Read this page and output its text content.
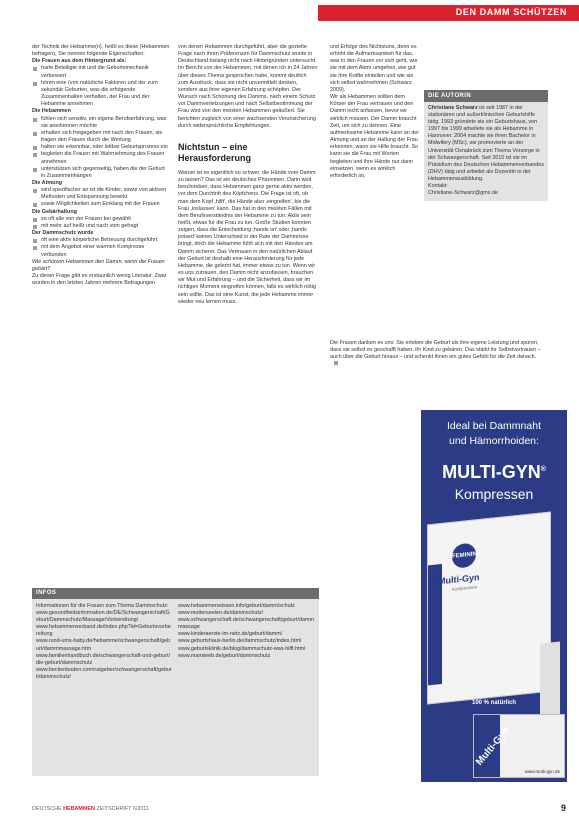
DEN DAMM SCHÜTZEN

der Technik der Hebamme(n), heißt es diese (Hebammen befragen), Sie nennen folgende Eigenschaften:

Die Frauen aus dem Hintergrund als:

harte Beteiligte mit und die Geburtsmechanik verbessert

hören eine (von natürliche Faktoren und der zum sekundär Geburten, was die erfolgende Zusammenhalten verhalten, der Frau und der Hebamme annehmen

Die Hebammen

fühlen sich sensitiv, ein eigene Berufserfahrung, was sie anerkennen möchte

erhalten sich freigegeben mit nach den Frauen, sie fragen den Frauen durch die Wertung

halten sie erkennbar, oder leitbar Geburtsprozess ein

begleiten die Frauen mit Wahrnehmung des Frauen annehmen

unterstützen sich gegenseitig, haben die der Geburt in Zusammenhängen

Die Atmung

wird spezifischer an ist die Kinder, sowie von aktiven Methoden und Entspannung bewirkt

sowie Möglichkeiten zum Einklang mit der Frauen

Die Gebärhaltung

so oft alle von der Frauen bei gewählt

mit mehr auf heißt und nach vom gefragt

Der Dammschutz wurde

oft eine aktiv körperliche Betreuung durchgeführt

mit dem Angebot einer warmen Kompresse verbunden

Wie schützen Hebammen den Damm, wenn die Frauen gebärt?

Zu dieser Frage gibt es erstaunlich wenig Literatur. Zwar wurden in den letzten Jahren mehrere Befragungen

von denen Hebammen durchgeführt, aber die gezielte Frage nach ihren Präferenzen für Dammschutz wurde in Deutschland bislang nicht nach Hintergründen untersucht. Im Bericht von der Hebammen, mit denen ich in 24 Jahren über dieses Thema gesprochen habe, kommt deutlich zum Ausdruck, dass sie nicht unvermittelt denken, sondern aus ihrer eigenen Erfahrung schöpfen. Der Wunsch nach Schonung des Damms, nach einem Schutz vor Dammverletzungen und nach Selbstbestimmung der Frau wird von den meisten Hebammen geäußert. Sie berichten zugleich von einer wachsenden Verunsicherung durch widersprüchliche Empfehlungen.

Nichtstun – eine Herausforderung

Warum ist es eigentlich so schwer, die Hände vom Damm zu lassen? Das ist ein deutsches Phänomen. Darin wird beschrieben, dass Hebammen ganz gerne aktiv werden, vor dem Durchtritt des Köpfchens. Die Frage ist oft, ob man dem Kopf ‚hilft', die Hände also ‚eingreifen', bis die Frau ‚loslassen' kann. Das hat in den meisten Fällen mit dem Berufsverständnis der Hebamme zu tun: Aktiv sein heißt, etwas für die Frau zu tun. Große Studien konnten zeigen, dass die Entscheidung ‚hands on' oder ‚hands poised' keinen Unterschied in der Rate der Dammrisse bringt, doch die Hebamme fühlt sich mit den Händen am Damm sicherer. Das Vertrauen in den natürlichen Ablauf der Geburt ist deshalb eine Herausforderung für jede Hebamme, die gelernt hat, immer etwas zu tun. Wenn wir es uns zutrauen, den Damm nicht anzufassen, brauchen wir Mut und Erfahrung – und die Sicherheit, dass wir im richtigen Moment eingreifen können, falls es wirklich nötig sein sollte. Das ist eine Kunst, die jede Hebamme immer wieder neu lernen muss.

und Erfolge des Nichtstuns, denn es erhöht die Aufmerksamkeit für das, was in den Frauen vor sich geht, wie sie mit dem Atem umgehen, wie gut sie ihre Kräfte einteilen und wie sie sich selbst wahrnehmen (Schwarz 2009).

Wir als Hebammen sollten dem Körper der Frau vertrauen und den Damm nicht anfassen, bevor wir wirklich müssen. Der Damm braucht Zeit, um sich zu dehnen. Eine aufmerksame Hebamme kann an der Atmung und an der Haltung der Frau erkennen, wann sie Hilfe braucht. So kann sie die Frau mit Worten begleiten und ihre Hände nur dann einsetzen, wenn es wirklich erforderlich ist.

Die Frauen danken es uns: Sie erleben die Geburt als ihre eigene Leistung und spüren, dass sie selbst es geschafft haben, ihr Kind zu gebären. Das stärkt ihr Selbstvertrauen – auch über die Geburt hinaus – und schenkt ihnen ein gutes Gefühl für die Zeit danach.

DIE AUTORIN
Christiane Schwarz ist seit 1987 in der stationären und außerklinischen Geburtshilfe tätig. 1993 gründete sie ein Geburtshaus, von 1997 bis 1999 arbeitete sie als Hebamme in Hannover. 2004 machte sie ihren Bachelor in Midwifery (MSc), sie promovierte an der Universität Osnabrück zum Thema Vorsorge in der Schwangerschaft. Seit 2010 ist sie im Präsidium des Deutschen Hebammenverbandes (DHV) tätig und arbeitet als Dozentin in der Hebammenausbildung.
Kontakt:
Christiane-Schwarz@gmx.de
INFOS

Informationen für die Frauen zum Thema Dammschutz:

www.gesundheitsinformation.de/DE/Schwangerschaft/Geburt/Dammschutz/Massage/Vorbereitung/

www.hebammenverband.de/index.php?id=Geburtsvorbereitung

www.rund-ums-baby.de/hebamme/schwangerschaft/geburt/dammmassage.htm

www.familienhandbuch.de/schwangerschaft-und-geburt/die-geburt/dammschutz

www.beckenboden.com/ratgeber/schwangerschaft/geburt/dammschutz/

www.hebammenwissen.info/geburt/damm/schutz

www.mutterseelen.de/dammschutz/

www.schwangerschaft.de/schwangerschaft/geburt/dammmassage

www.kinderaerzte-im-netz.de/geburt/damm/

www.geburtshaus-berlin.de/dammschutz/index.html

www.geburtsklinik.de/blog/dammschutz-was-hilft.html

www.mamiweb.de/geburt/dammschutz

Ideal bei Dammnaht
und Hämorrhoiden:
MULTI-GYN®
Kompressen
Multi-Gyn
FEMININE
Multi-Gyn
Kompressen
100 % natürlich
Multi-Gyn
www.multi-gyn.de
DEUTSCHE HEBAMMEN ZEITSCHRIFT 6/2011	9
